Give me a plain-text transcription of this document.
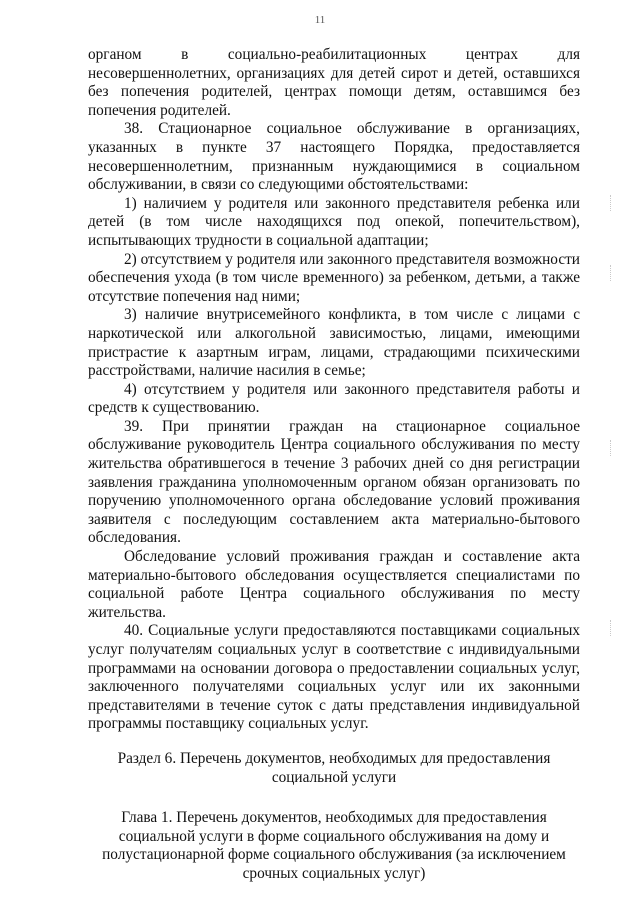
11

органом в социально-реабилитационных центрах для несовершеннолетних, организациях для детей сирот и детей, оставшихся без попечения родителей, центрах помощи детям, оставшимся без попечения родителей.

38. Стационарное социальное обслуживание в организациях, указанных в пункте 37 настоящего Порядка, предоставляется несовершеннолетним, признанным нуждающимися в социальном обслуживании, в связи со следующими обстоятельствами:

1) наличием у родителя или законного представителя ребенка или детей (в том числе находящихся под опекой, попечительством), испытывающих трудности в социальной адаптации;

2) отсутствием у родителя или законного представителя возможности обеспечения ухода (в том числе временного) за ребенком, детьми, а также отсутствие попечения над ними;

3) наличие внутрисемейного конфликта, в том числе с лицами с наркотической или алкогольной зависимостью, лицами, имеющими пристрастие к азартным играм, лицами, страдающими психическими расстройствами, наличие насилия в семье;

4) отсутствием у родителя или законного представителя работы и средств к существованию.

39. При принятии граждан на стационарное социальное обслуживание руководитель Центра социального обслуживания по месту жительства обратившегося в течение 3 рабочих дней со дня регистрации заявления гражданина уполномоченным органом обязан организовать по поручению уполномоченного органа обследование условий проживания заявителя с последующим составлением акта материально-бытового обследования.

Обследование условий проживания граждан и составление акта материально-бытового обследования осуществляется специалистами по социальной работе Центра социального обслуживания по месту жительства.

40. Социальные услуги предоставляются поставщиками социальных услуг получателям социальных услуг в соответствие с индивидуальными программами на основании договора о предоставлении социальных услуг, заключенного получателями социальных услуг или их законными представителями в течение суток с даты представления индивидуальной программы поставщику социальных услуг.

Раздел 6. Перечень документов, необходимых для предоставления социальной услуги

Глава 1. Перечень документов, необходимых для предоставления социальной услуги в форме социального обслуживания на дому и полустационарной форме социального обслуживания (за исключением срочных социальных услуг)
